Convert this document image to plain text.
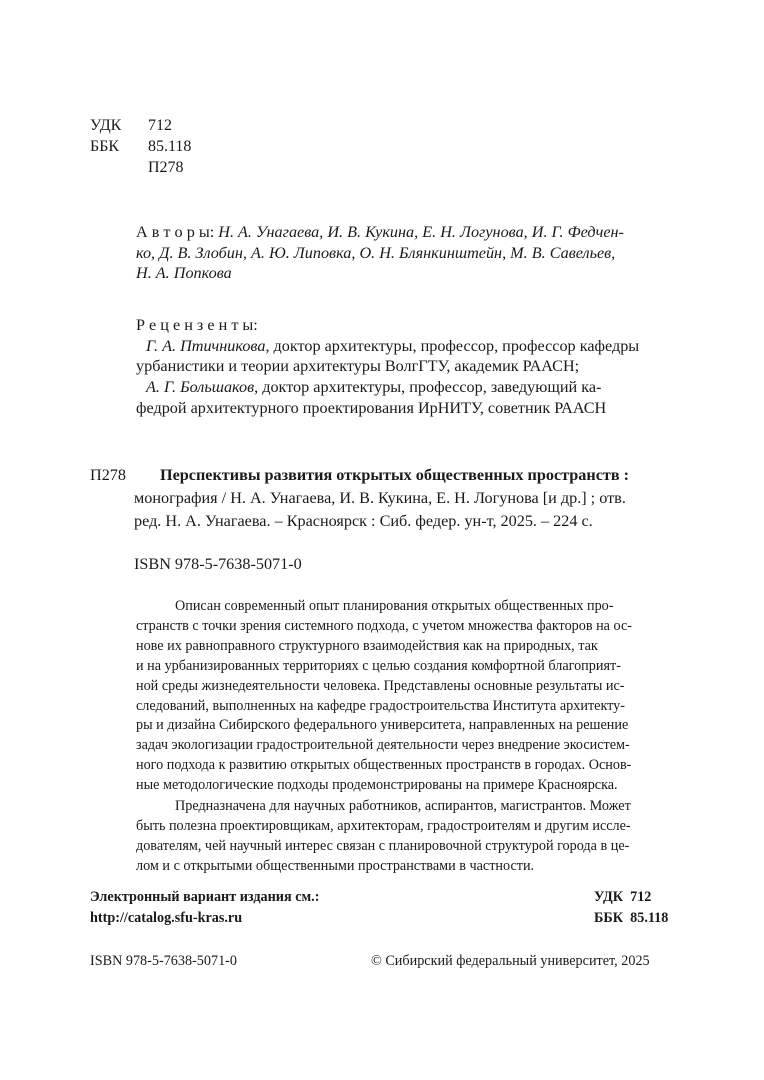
УДК 712
ББК 85.118
П278
А в т о р ы: Н. А. Унагаева, И. В. Кукина, Е. Н. Логунова, И. Г. Федчен-
ко, Д. В. Злобин, А. Ю. Липовка, О. Н. Блянкинштейн, М. В. Савельев,
Н. А. Попкова
Р е ц е н з е н т ы:
Г. А. Птичникова, доктор архитектуры, профессор, профессор кафедры
урбанистики и теории архитектуры ВолгГТУ, академик РААСН;
А. Г. Большаков, доктор архитектуры, профессор, заведующий ка-
федрой архитектурного проектирования ИрНИТУ, советник РААСН
П278 Перспективы развития открытых общественных пространств :
монография / Н. А. Унагаева, И. В. Кукина, Е. Н. Логунова [и др.] ; отв.
ред. Н. А. Унагаева. – Красноярск : Сиб. федер. ун-т, 2025. – 224 с.
ISBN 978-5-7638-5071-0
Описан современный опыт планирования открытых общественных про-
странств с точки зрения системного подхода, с учетом множества факторов на ос-
нове их равноправного структурного взаимодействия как на природных, так
и на урбанизированных территориях с целью создания комфортной благоприят-
ной среды жизнедеятельности человека. Представлены основные результаты ис-
следований, выполненных на кафедре градостроительства Института архитекту-
ры и дизайна Сибирского федерального университета, направленных на решение
задач экологизации градостроительной деятельности через внедрение экосистем-
ного подхода к развитию открытых общественных пространств в городах. Основ-
ные методологические подходы продемонстрированы на примере Красноярска.
Предназначена для научных работников, аспирантов, магистрантов. Может
быть полезна проектировщикам, архитекторам, градостроителям и другим иссле-
дователям, чей научный интерес связан с планировочной структурой города в це-
лом и с открытыми общественными пространствами в частности.
Электронный вариант издания см.:
http://catalog.sfu-kras.ru
УДК  712
ББК  85.118
ISBN 978-5-7638-5071-0	© Сибирский федеральный университет, 2025
